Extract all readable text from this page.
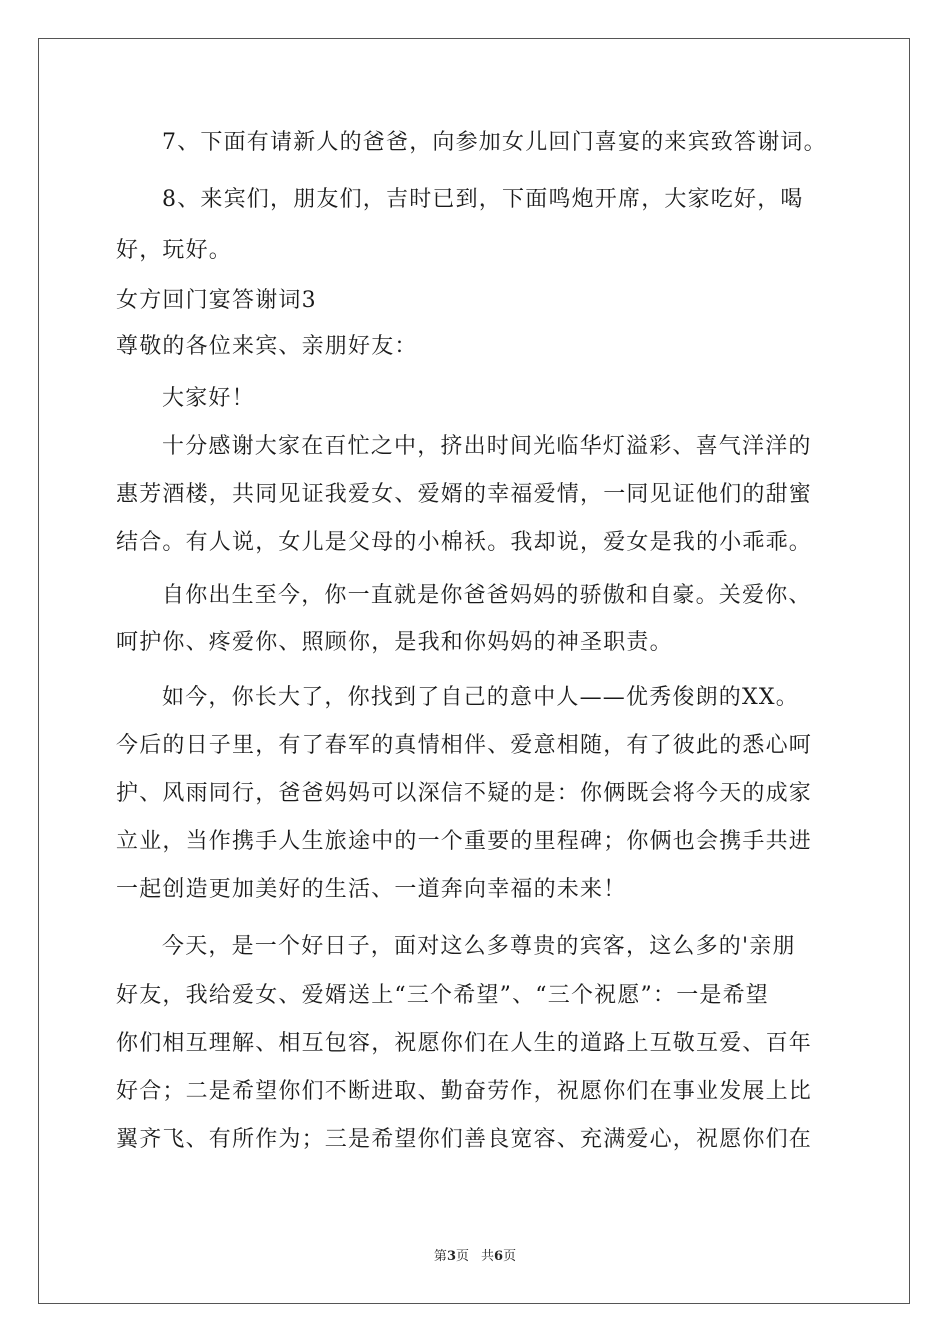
7、下面有请新人的爸爸，向参加女儿回门喜宴的来宾致答谢词。
8、来宾们，朋友们，吉时已到，下面鸣炮开席，大家吃好，喝
好，玩好。
女方回门宴答谢词3
尊敬的各位来宾、亲朋好友：
大家好！
十分感谢大家在百忙之中，挤出时间光临华灯溢彩、喜气洋洋的
惠芳酒楼，共同见证我爱女、爱婿的幸福爱情，一同见证他们的甜蜜
结合。有人说，女儿是父母的小棉袄。我却说，爱女是我的小乖乖。
自你出生至今，你一直就是你爸爸妈妈的骄傲和自豪。关爱你、
呵护你、疼爱你、照顾你，是我和你妈妈的神圣职责。
如今，你长大了，你找到了自己的意中人——优秀俊朗的XX。
今后的日子里，有了春军的真情相伴、爱意相随，有了彼此的悉心呵
护、风雨同行，爸爸妈妈可以深信不疑的是：你俩既会将今天的成家
立业，当作携手人生旅途中的一个重要的里程碑；你俩也会携手共进
一起创造更加美好的生活、一道奔向幸福的未来！
今天，是一个好日子，面对这么多尊贵的宾客，这么多的'亲朋
好友，我给爱女、爱婿送上“三个希望”、“三个祝愿”：一是希望
你们相互理解、相互包容，祝愿你们在人生的道路上互敬互爱、百年
好合；二是希望你们不断进取、勤奋劳作，祝愿你们在事业发展上比
翼齐飞、有所作为；三是希望你们善良宽容、充满爱心，祝愿你们在
第3页 共6页
